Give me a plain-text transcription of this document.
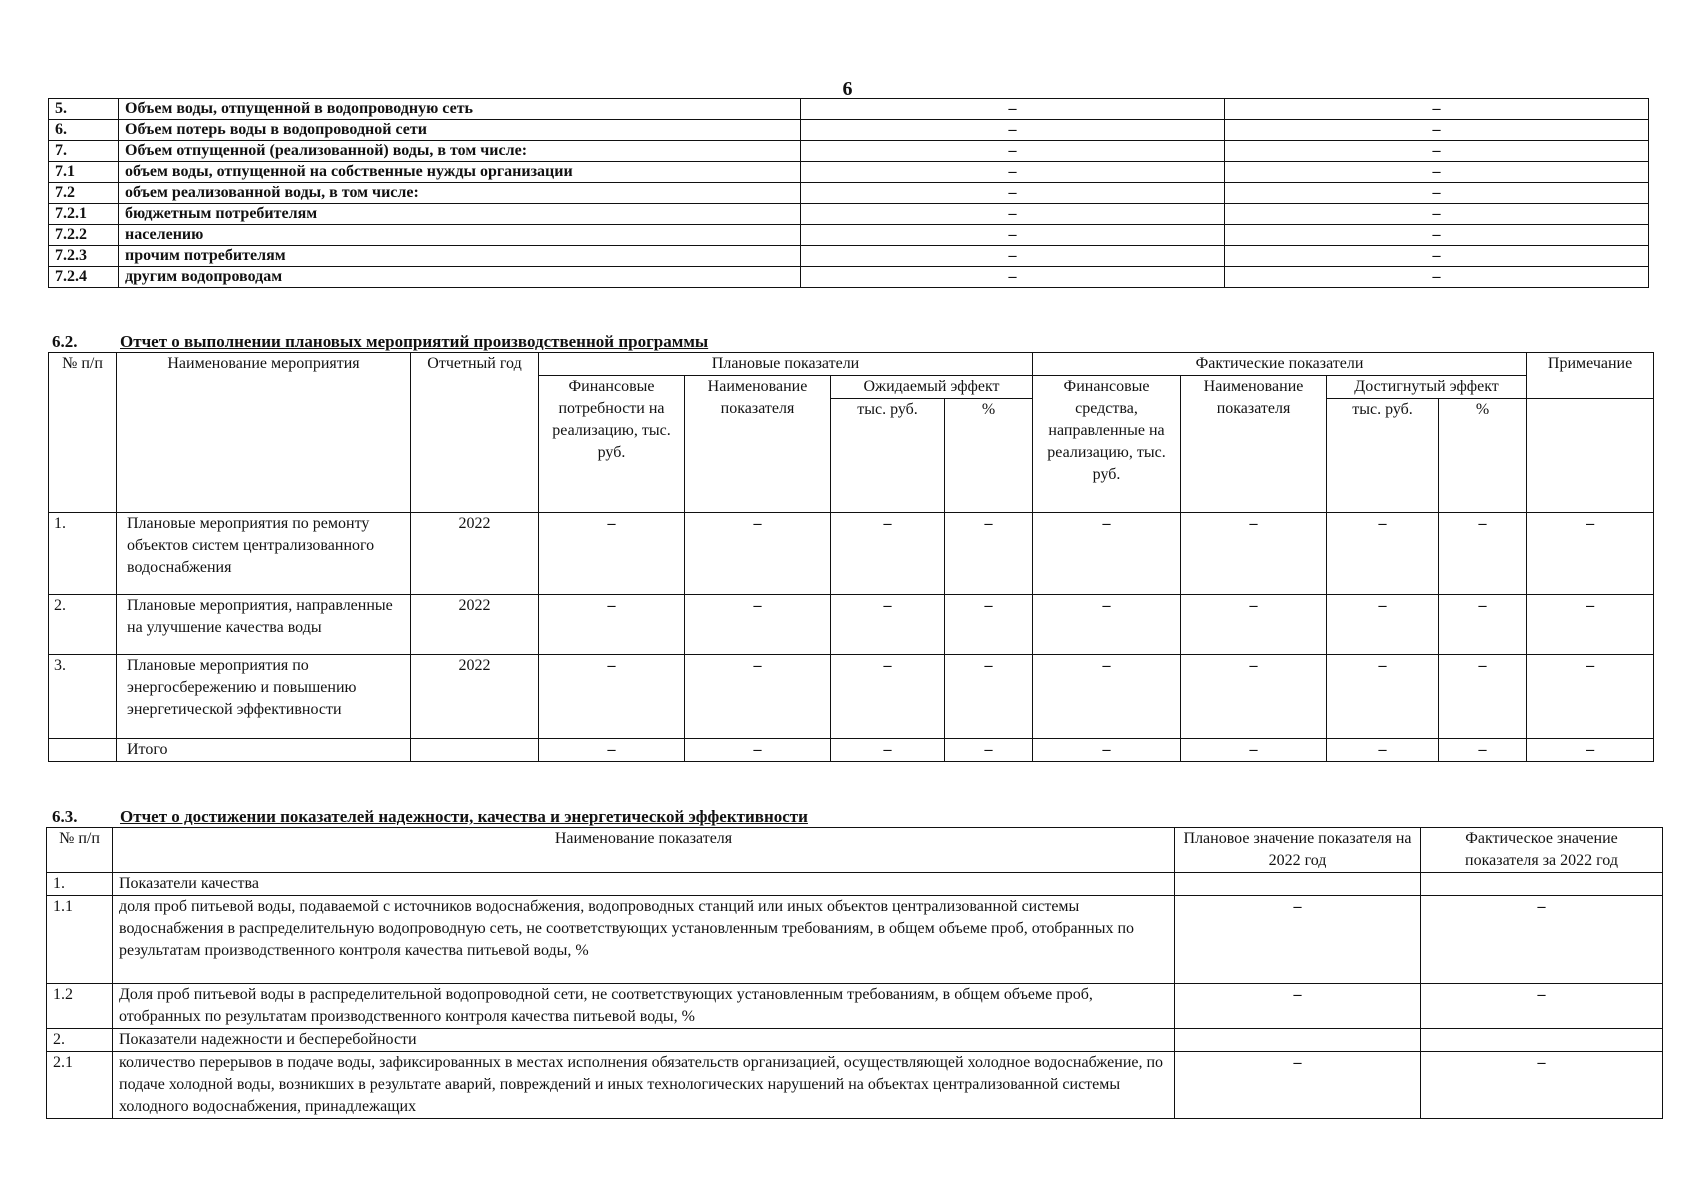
6
5.	Объем воды, отпущенной в водопроводную сеть	–	–
6.	Объем потерь воды в водопроводной сети	–	–
7.	Объем отпущенной (реализованной) воды, в том числе:	–	–
7.1	объем воды, отпущенной на собственные нужды организации	–	–
7.2	объем реализованной воды, в том числе:	–	–
7.2.1	бюджетным потребителям	–	–
7.2.2	населению	–	–
7.2.3	прочим потребителям	–	–
7.2.4	другим водопроводам	–	–
6.2.	Отчет о выполнении плановых мероприятий производственной программы
№ п/п	Наименование мероприятия	Отчетный год	Плановые показатели				Фактические показатели				Примечание
			Финансовые потребности на реализацию, тыс. руб.	Наименование показателя	Ожидаемый эффект		Финансовые средства, направленные на реализацию, тыс. руб.	Наименование показателя	Достигнутый эффект		
					тыс. руб.	%			тыс. руб.	%	
1.	Плановые мероприятия по ремонту объектов систем централизованного водоснабжения	2022	–	–	–	–	–	–	–	–	–
2.	Плановые мероприятия, направленные на улучшение качества воды	2022	–	–	–	–	–	–	–	–	–
3.	Плановые мероприятия по энергосбережению и повышению энергетической эффективности	2022	–	–	–	–	–	–	–	–	–
	Итого		–	–	–	–	–	–	–	–	–
6.3.	Отчет о достижении показателей надежности, качества и энергетической эффективности
№ п/п	Наименование показателя	Плановое значение показателя на 2022 год	Фактическое значение показателя за 2022 год
1.	Показатели качества		
1.1	доля проб питьевой воды, подаваемой с источников водоснабжения, водопроводных станций или иных объектов централизованной системы водоснабжения в распределительную водопроводную сеть, не соответствующих установленным требованиям, в общем объеме проб, отобранных по результатам производственного контроля качества питьевой воды, %	–	–
1.2	Доля проб питьевой воды в распределительной водопроводной сети, не соответствующих установленным требованиям, в общем объеме проб, отобранных по результатам производственного контроля качества питьевой воды, %	–	–
2.	Показатели надежности и бесперебойности		
2.1	количество перерывов в подаче воды, зафиксированных в местах исполнения обязательств организацией, осуществляющей холодное водоснабжение, по подаче холодной воды, возникших в результате аварий, повреждений и иных технологических нарушений на объектах централизованной системы холодного водоснабжения, принадлежащих	–	–
